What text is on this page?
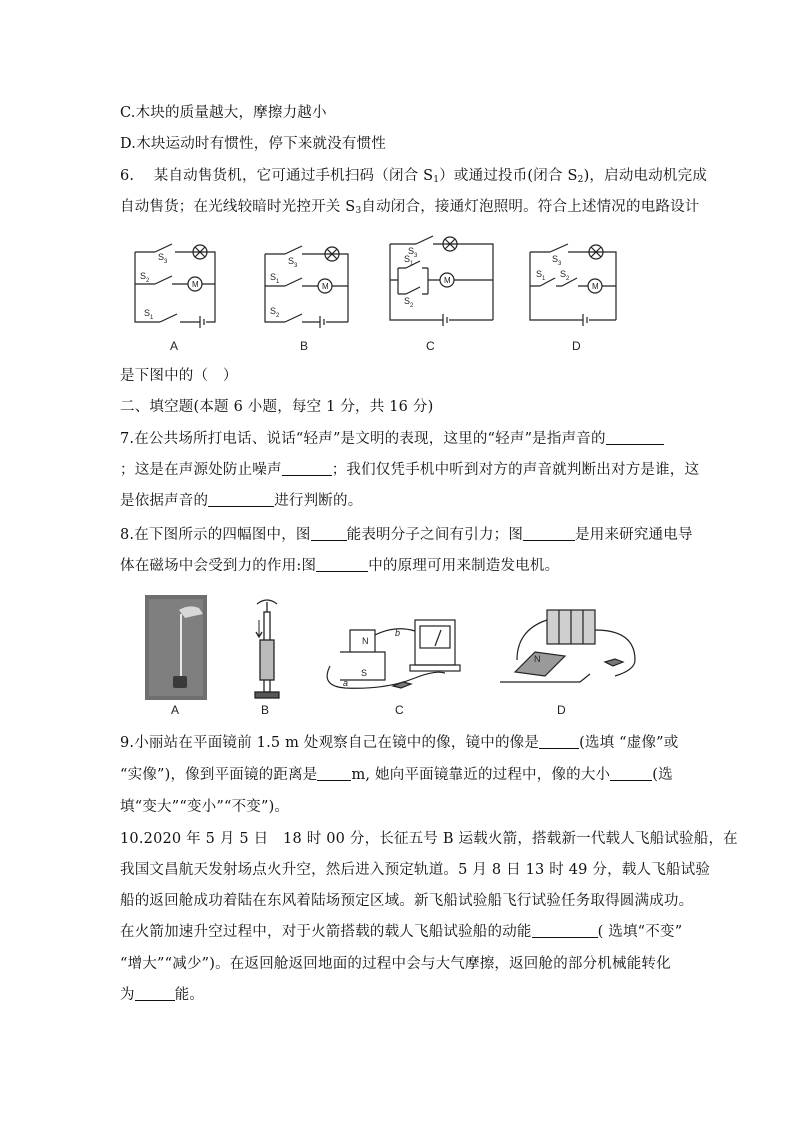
C.木块的质量越大，摩擦力越小
D.木块运动时有惯性，停下来就没有惯性
6.　 某自动售货机，它可通过手机扫码（闭合 $S_1$）或通过投币(闭合 $S_2$)，启动电动机完成
自动售货；在光线较暗时光控开关 $S_3$自动闭合，接通灯泡照明。符合上述情况的电路设计
S 3
S 2
S 1
M
A
S 3
S 1
S 2
M
B
S 3
S 1
S 2
M
C
S 3
S 1 S 2
M
D
是下图中的（　）
二、填空题(本题 6 小题，每空 1 分，共 16 分)
7.在公共场所打电话、说话“轻声”是文明的表现，这里的“轻声”是指声音的
；这是在声源处防止噪声	；我们仅凭手机中听到对方的声音就判断出对方是谁，这
是依据声音的	进行判断的。
8.在下图所示的四幅图中，图 能表明分子之间有引力；图	是用来研究通电导
体在磁场中会受到力的作用:图	中的原理可用来制造发电机。
A	B
N
S
b
a
C
N
D
9.小丽站在平面镜前 1.5 m 处观察自己在镜中的像，镜中的像是	(选填 “虚像”或
“实像”)，像到平面镜的距离是 m, 她向平面镜靠近的过程中，像的大小	(选
填“变大”“变小”“不变”)。
10.2020 年 5 月 5 日　18 时 00 分，长征五号 B 运载火箭，搭载新一代载人飞船试验船，在
我国文昌航天发射场点火升空，然后进入预定轨道。5 月 8 日 13 时 49 分，载人飞船试验
船的返回舱成功着陆在东风着陆场预定区域。新飞船试验船飞行试验任务取得圆满成功。
在火箭加速升空过程中，对于火箭搭载的载人飞船试验船的动能	( 选填“不变”
“增大”“减少”)。在返回舱返回地面的过程中会与大气摩擦，返回舱的部分机械能转化
为	能。
